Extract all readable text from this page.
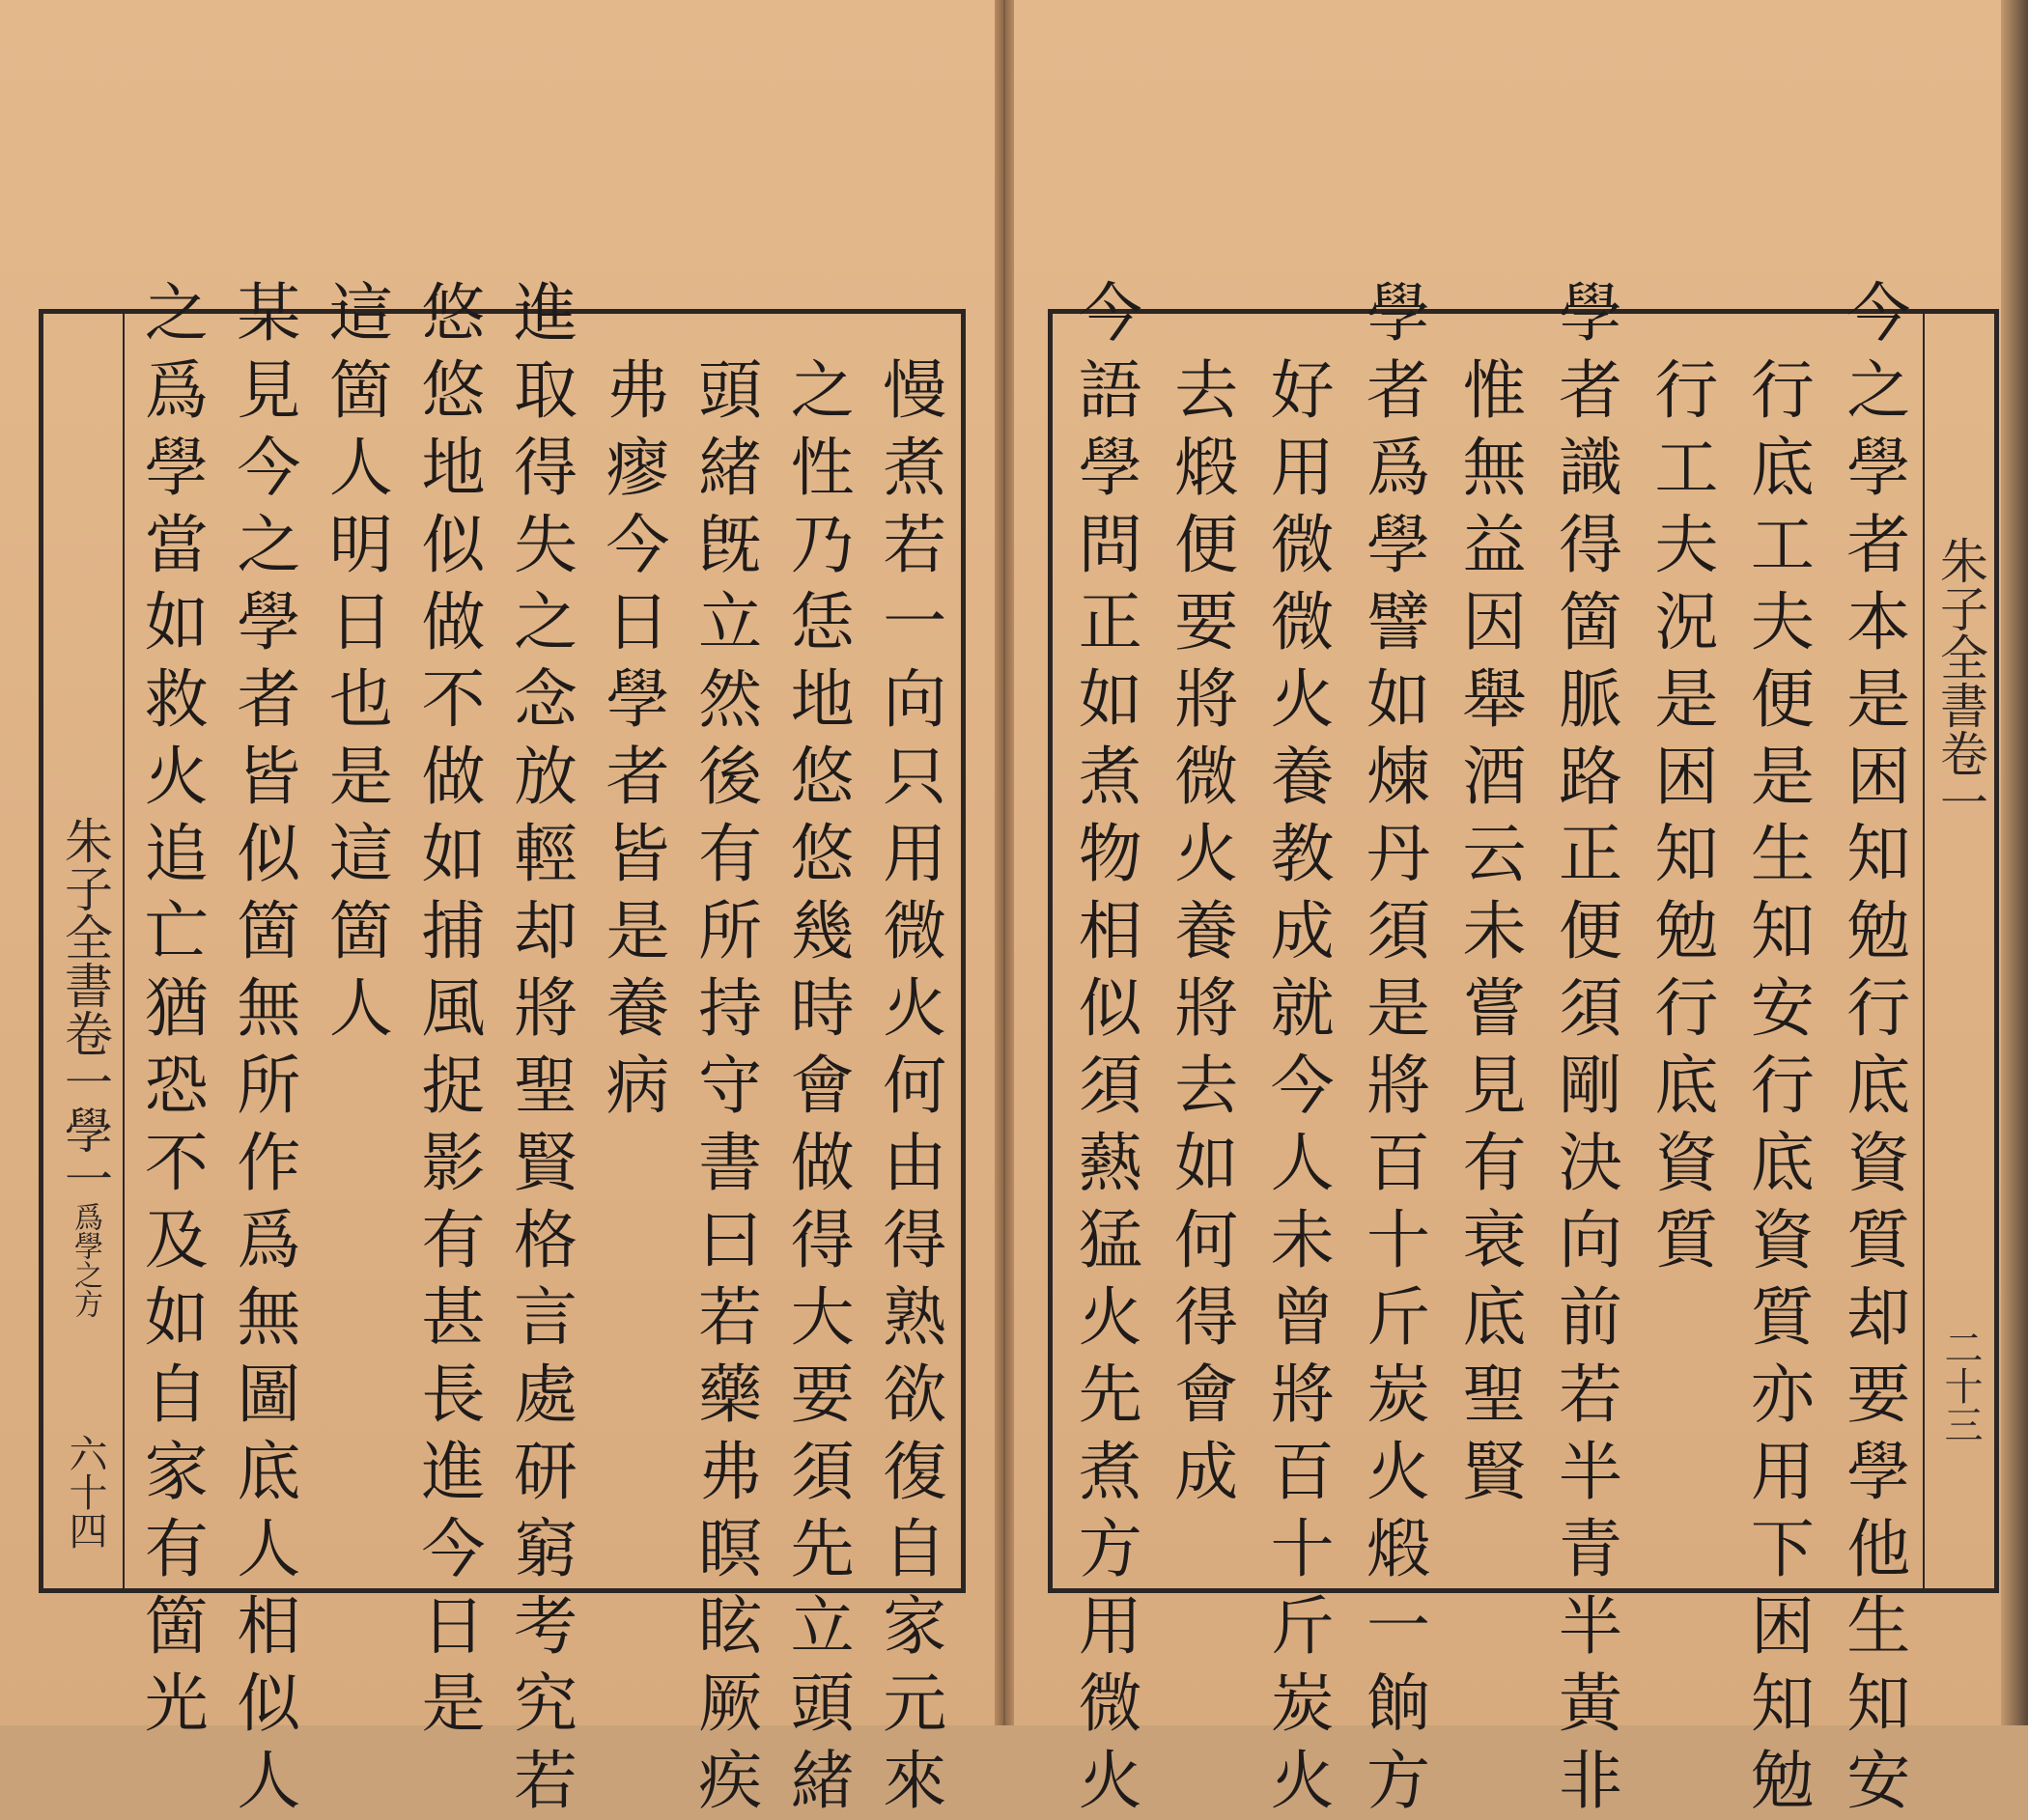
朱子全書
卷一
學一
爲學之方
六十四
慢
煮
若
一
向
只
用
微
火
何
由
得
熟
欲
復
自
家
元
來
之
性
乃
恁
地
悠
悠
幾
時
會
做
得
大
要
須
先
立
頭
緒
頭
緒
旣
立
然
後
有
所
持
守
書
曰
若
藥
弗
瞑
眩
厥
疾
弗
瘳
今
日
學
者
皆
是
養
病
進
取
得
失
之
念
放
輕
却
將
聖
賢
格
言
處
研
窮
考
究
若
悠
悠
地
似
做
不
做
如
捕
風
捉
影
有
甚
長
進
今
日
是
這
箇
人
明
日
也
是
這
箇
人
某
見
今
之
學
者
皆
似
箇
無
所
作
爲
無
圖
底
人
相
似
人
之
爲
學
當
如
救
火
追
亡
猶
恐
不
及
如
自
家
有
箇
光
朱子全書
卷一
二十三
今
之
學
者
本
是
困
知
勉
行
底
資
質
却
要
學
他
生
知
安
行
底
工
夫
便
是
生
知
安
行
底
資
質
亦
用
下
困
知
勉
行
工
夫
況
是
困
知
勉
行
底
資
質
學
者
識
得
箇
脈
路
正
便
須
剛
決
向
前
若
半
青
半
黃
非
惟
無
益
因
舉
酒
云
未
嘗
見
有
衰
底
聖
賢
學
者
爲
學
譬
如
煉
丹
須
是
將
百
十
斤
炭
火
煅
一
餉
方
好
用
微
微
火
養
教
成
就
今
人
未
曾
將
百
十
斤
炭
火
去
煅
便
要
將
微
火
養
將
去
如
何
得
會
成
今
語
學
問
正
如
煮
物
相
似
須
爇
猛
火
先
煮
方
用
微
火
